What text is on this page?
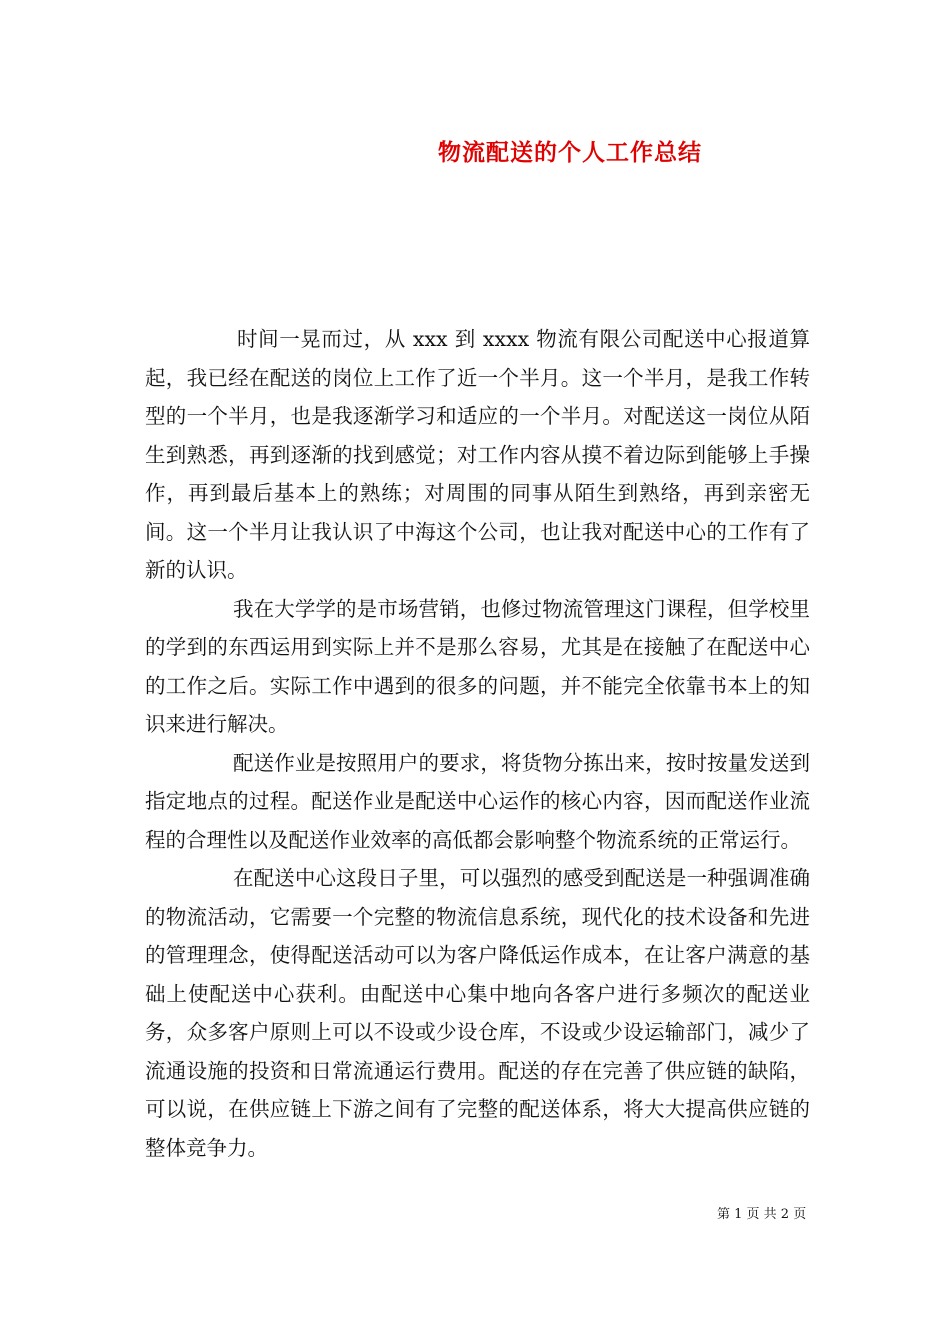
物流配送的个人工作总结

时间一晃而过，从 xxx 到 xxxx 物流有限公司配送中心报道算起，我已经在配送的岗位上工作了近一个半月。这一个半月，是我工作转型的一个半月，也是我逐渐学习和适应的一个半月。对配送这一岗位从陌生到熟悉，再到逐渐的找到感觉；对工作内容从摸不着边际到能够上手操作，再到最后基本上的熟练；对周围的同事从陌生到熟络，再到亲密无间。这一个半月让我认识了中海这个公司，也让我对配送中心的工作有了新的认识。

我在大学学的是市场营销，也修过物流管理这门课程，但学校里的学到的东西运用到实际上并不是那么容易，尤其是在接触了在配送中心的工作之后。实际工作中遇到的很多的问题，并不能完全依靠书本上的知识来进行解决。

配送作业是按照用户的要求，将货物分拣出来，按时按量发送到指定地点的过程。配送作业是配送中心运作的核心内容，因而配送作业流程的合理性以及配送作业效率的高低都会影响整个物流系统的正常运行。

在配送中心这段日子里，可以强烈的感受到配送是一种强调准确的物流活动，它需要一个完整的物流信息系统，现代化的技术设备和先进的管理理念，使得配送活动可以为客户降低运作成本，在让客户满意的基础上使配送中心获利。由配送中心集中地向各客户进行多频次的配送业务，众多客户原则上可以不设或少设仓库，不设或少设运输部门，减少了流通设施的投资和日常流通运行费用。配送的存在完善了供应链的缺陷，可以说，在供应链上下游之间有了完整的配送体系，将大大提高供应链的整体竞争力。

第 1 页 共 2 页
